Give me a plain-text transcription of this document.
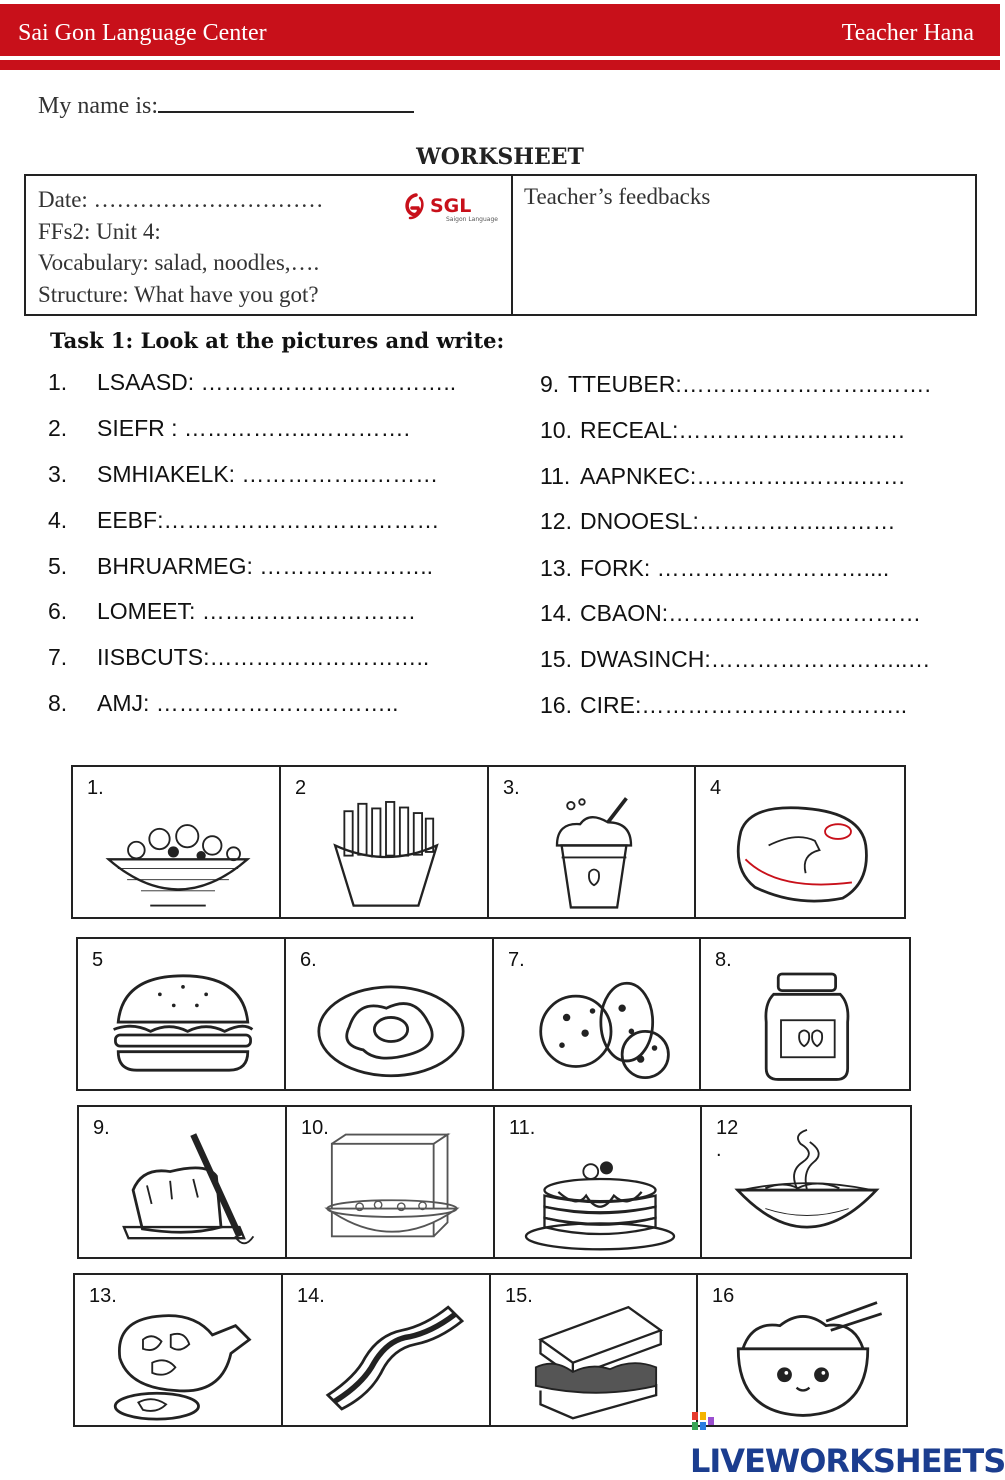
Sai Gon Language Center	Teacher Hana
My name is:
WORKSHEET
Date: …………………………
FFs2: Unit 4:
Vocabulary: salad, noodles,….
Structure: What have you got?
SGL
Saigon Language
Teacher’s feedbacks
Task 1: Look at the pictures and write:
1. LSAASD: ……………………..……..
2. SIEFR : ……………..………….
3. SMHIAKELK: ……………..………
4. EEBF:………………………………
5. BHRUARMEG: …………………..
6. LOMEET: ……………………….
7. IISBCUTS:………………………..
8. AMJ: …………………………..
9. TTEUBER:……………………..…….
10. RECEAL:……………..………….
11. AAPNKEC:…………..……..……
12. DNOOESL:……………..………
13. FORK: ………………………....
14. CBAON:……………………………
15. DWASINCH:……………………..…
16. CIRE:……………………………..
1.	2	3.	4
5	6.	7.	8.
9.	10.	11.	12
.
13.	14.	15.	16
LIVEWORKSHEETS
